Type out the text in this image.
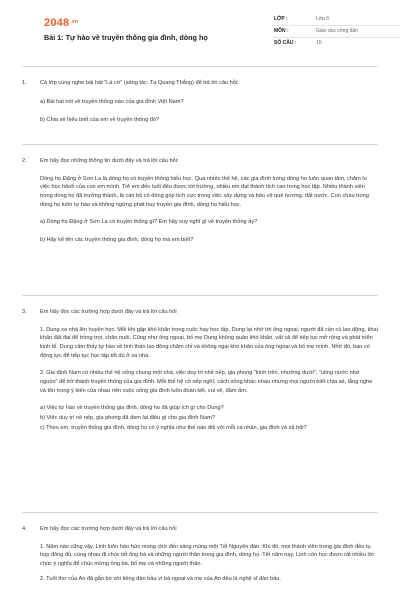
2048.vn
Bài 1: Tự hào về truyền thống gia đình, dòng họ
LỚP :	Lớp 6
MÔN :	Giáo dục công dân
SỐ CÂU :	10
1.	Cả lớp cùng nghe bài hát “Lá cờ” (sáng tác: Tạ Quang Thắng) để trả lời câu hỏi:

a) Bài hát nói về truyền thống nào của gia đình Việt Nam?

b) Chia sẻ hiểu biết của em về truyền thống đó?

2.	Em hãy đọc những thông tin dưới đây và trả lời câu hỏi:

Dòng họ Đặng ở Sơn La là dòng họ có truyền thống hiếu học. Qua nhiều thế hệ, các gia đình trong dòng họ luôn quan tâm, chăm lo việc học hành của con em mình. Trẻ em đến tuổi đều được tới trường, nhiều em đạt thành tích cao trong học tập. Nhiều thành viên trong dòng họ đã trưởng thành, là cán bộ có đóng góp tích cực trong việc xây dựng và bảo vệ quê hương, đất nước. Con cháu trong dòng họ luôn tự hào và không ngừng phát huy truyền gia đình, dòng họ hiếu học.

a) Dòng họ Đặng ở Sơn La có truyền thống gì? Em hãy suy nghĩ gì về truyền thống ấy?

b) Hãy kể tên các truyền thống gia đình, dòng họ mà em biết?

3.	Em hãy đọc các trường hợp dưới đây và trả lời câu hỏi

1. Dung xa nhà lên huyện học. Mỗi khi gặp khó khăn trong cuộc hay học tập, Dung lại nhớ tới ông ngoại, người đã cần cù lao động, khai khẩn đất đai để trồng trọt, chăn nuôi. Cũng như ông ngoại, bố mẹ Dung không quản khó khăn, vất vả để tiếp tục mở rộng và phát triển kinh tế. Dung cảm thấy tự hào về tinh thần lao động chăm chỉ và không ngại khó khăn của ông ngoại và bố mẹ mình. Nhờ đó, bạn có động lực để tiếp tục học tập tốt dù ở xa nhà.

2. Gia đình Nam có nhiều thế hệ sống chung một nhà, việc duy trì nhề nếp, gia phong “kính trên, nhường dưới”, “uống nước nhớ nguồn” để trở thành truyền thống của gia đình. Mỗi thế hệ có nếp nghĩ, cách sống khác nhau nhưng mọi người biết chia sẻ, lắng nghe và tôn trọng ý kiến của nhau nên cuộc sống gia đình luôn đoàn kết, vui vẻ, đầm ấm.

a) Việc tự hào về truyền thống gia đình, dòng họ đã giúp ích gì cho Dung?

b) Việc duy trì nề nếp, gia phong đã đem lại điều gì cho gia đình Nam?

c) Theo em, truyền thống gia đình, dòng họ có ý nghĩa như thế nào đối với mỗi cá nhân, gia đình và xã hội?

4.	Em hãy đọc các trường hợp dưới đây và trả lời câu hỏi

1. Năm nào cũng vậy, Linh luôn háo hức mong chờ đến sáng mùng một Tết Nguyên đán. Khi đó, mọi thành viên trong gia đình đều tụ họp đông đủ, cùng nhau đi chúc tết ông bà và những người thân trong gia đình, dòng họ. Tết năm nay, Linh còn học được rất nhiều lời chúc ý nghĩa để chúc mừng ông bà, bố mẹ và những người thân.

2. Tuổi thơ của An đã gắn bó với tiếng đàn bầu vì bà ngoại và mẹ của An đều là nghệ sĩ đàn bầu.
